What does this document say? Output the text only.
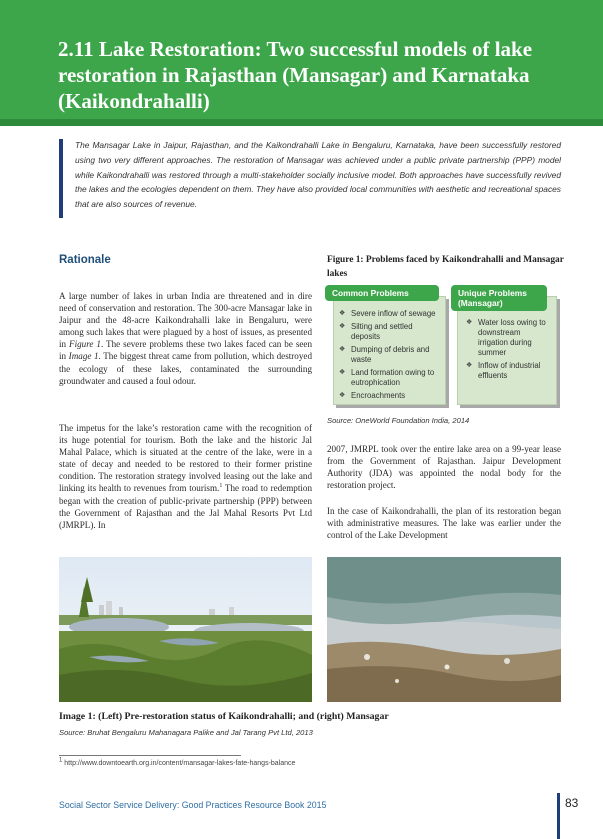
2.11 Lake Restoration: Two successful models of lake restoration in Rajasthan (Mansagar) and Karnataka (Kaikondrahalli)

The Mansagar Lake in Jaipur, Rajasthan, and the Kaikondrahalli Lake in Bengaluru, Karnataka, have been successfully restored using two very different approaches. The restoration of Mansagar was achieved under a public private partnership (PPP) model while Kaikondrahalli was restored through a multi-stakeholder socially inclusive model. Both approaches have successfully revived the lakes and the ecologies dependent on them. They have also provided local communities with aesthetic and recreational spaces that are also sources of revenue.

Rationale

A large number of lakes in urban India are threatened and in dire need of conservation and restoration. The 300-acre Mansagar lake in Jaipur and the 48-acre Kaikondrahalli lake in Bengaluru, were among such lakes that were plagued by a host of issues, as presented in Figure 1. The severe problems these two lakes faced can be seen in Image 1. The biggest threat came from pollution, which destroyed the ecology of these lakes, contaminated the surrounding groundwater and caused a foul odour.

The impetus for the lake’s restoration came with the recognition of its huge potential for tourism. Both the lake and the historic Jal Mahal Palace, which is situated at the centre of the lake, were in a state of decay and needed to be restored to their former pristine condition. The restoration strategy involved leasing out the lake and linking its health to revenues from tourism.$^1$ The road to redemption began with the creation of public-private partnership (PPP) between the Government of Rajasthan and the Jal Mahal Resorts Pvt Ltd (JMRPL). In

Figure 1: Problems faced by Kaikondrahalli and Mansagar lakes

❖ Severe inflow of sewage
❖ Silting and settled deposits
❖ Dumping of debris and waste
❖ Land formation owing to eutrophication
❖ Encroachments
Common Problems
❖ Water loss owing to downstream irrigation during summer
❖ Inflow of industrial effluents
Unique Problems (Mansagar)

Source: OneWorld Foundation India, 2014

2007, JMRPL took over the entire lake area on a 99-year lease from the Government of Rajasthan. Jaipur Development Authority (JDA) was appointed the nodal body for the restoration project.

In the case of Kaikondrahalli, the plan of its restoration began with administrative measures. The lake was earlier under the control of the Lake Development

Image 1: (Left) Pre-restoration status of Kaikondrahalli; and (right) Mansagar

Source: Bruhat Bengaluru Mahanagara Palike and Jal Tarang Pvt Ltd, 2013

$^1$ http://www.downtoearth.org.in/content/mansagar-lakes-fate-hangs-balance

Social Sector Service Delivery: Good Practices Resource Book 2015	83
